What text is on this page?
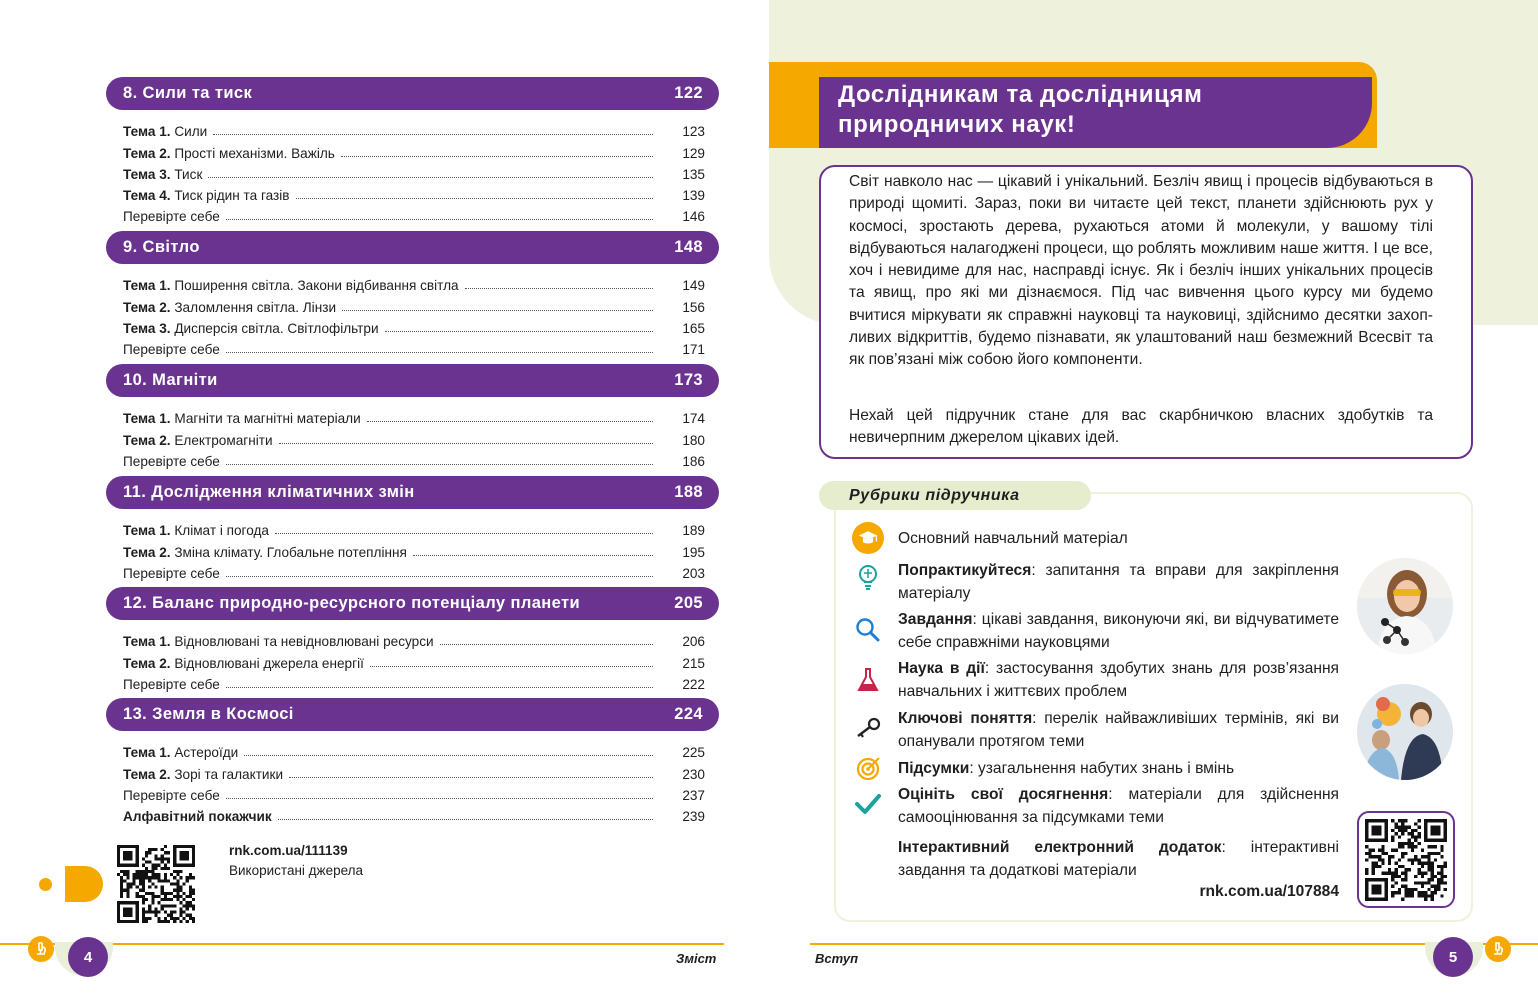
8. Сили та тиск	122
Тема 1. Сили	123
Тема 2. Прості механізми. Важіль	129
Тема 3. Тиск	135
Тема 4. Тиск рідин та газів	139
Перевірте себе	146
9. Світло	148
Тема 1. Поширення світла. Закони відбивання світла	149
Тема 2. Заломлення світла. Лінзи	156
Тема 3. Дисперсія світла. Світлофільтри	165
Перевірте себе	171
10. Магніти	173
Тема 1. Магніти та магнітні матеріали	174
Тема 2. Електромагніти	180
Перевірте себе	186
11. Дослідження кліматичних змін	188
Тема 1. Клімат і погода	189
Тема 2. Зміна клімату. Глобальне потепління	195
Перевірте себе	203
12. Баланс природно-ресурсного потенціалу планети	205
Тема 1. Відновлювані та невідновлювані ресурси	206
Тема 2. Відновлювані джерела енергії	215
Перевірте себе	222
13. Земля в Космосі	224
Тема 1. Астероїди	225
Тема 2. Зорі та галактики	230
Перевірте себе	237
Алфавітний покажчик	239
rnk.com.ua/111139
Використані джерела
4	Зміст	Вступ	5
Дослідникам та дослідницям
природничих наук!
Світ навколо нас — цікавий і унікальний. Безліч явищ і процесів відбуваються в природі щомиті. Зараз, поки ви читаєте цей текст, планети здійснюють рух у космосі, зростають дерева, рухаються атоми й молекули, у вашому тілі відбуваються налагоджені процеси, що роблять можливим наше життя. І це все, хоч і невидиме для нас, насправді існує. Як і безліч інших унікальних процесів та явищ, про які ми дізнаємося. Під час вивчення цього курсу ми будемо вчитися міркувати як справжні науковці та науковиці, здійснимо десятки захопливих відкриттів, будемо пізнавати, як улаштований наш безмежний Всесвіт та як пов’язані між собою його компоненти.
Нехай цей підручник стане для вас скарбничкою власних здобутків та невичерпним джерелом цікавих ідей.
Рубрики підручника
Основний навчальний матеріал
Попрактикуйтеся: запитання та вправи для закріплення матеріалу
Завдання: цікаві завдання, виконуючи які, ви відчуватимете себе справжніми науковцями
Наука в дії: застосування здобутих знань для розв’язання навчальних і життєвих проблем
Ключові поняття: перелік найважливіших термінів, які ви опанували протягом теми
Підсумки: узагальнення набутих знань і вмінь
Оцініть свої досягнення: матеріали для здійснення самооцінювання за підсумками теми
Інтерактивний електронний додаток: інтерактивні завдання та додаткові матеріали
rnk.com.ua/107884
